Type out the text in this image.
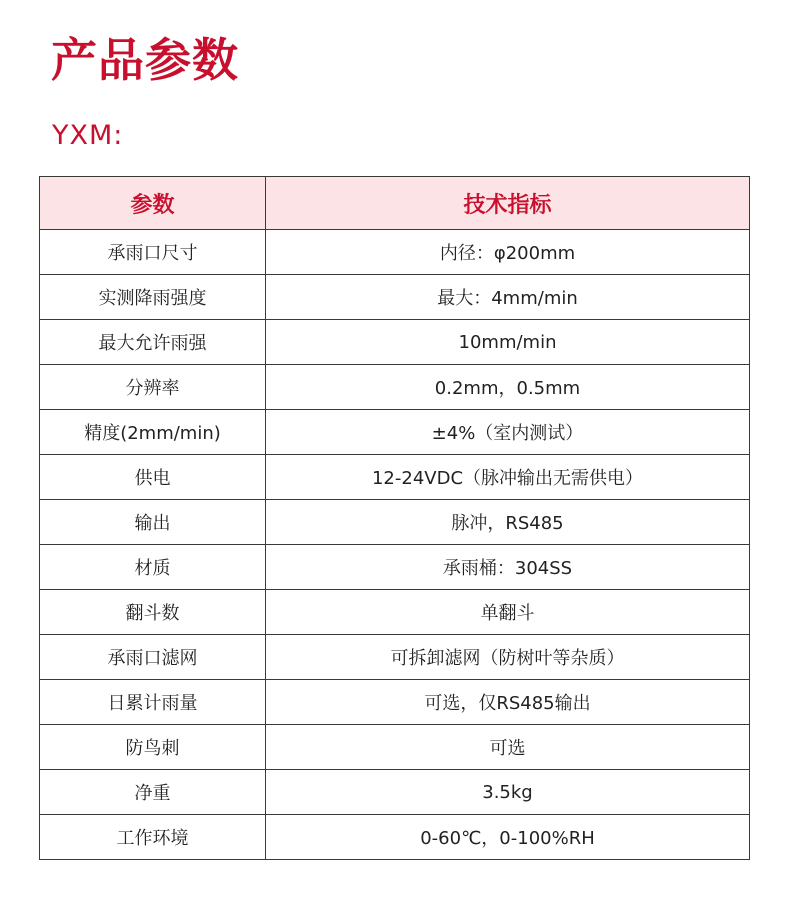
产品参数
YXM:
参数	技术指标
承雨口尺寸	内径：φ200mm
实测降雨强度	最大：4mm/min
最大允许雨强	10mm/min
分辨率	0.2mm，0.5mm
精度(2mm/min)	±4%（室内测试）
供电	12-24VDC（脉冲输出无需供电）
输出	脉冲，RS485
材质	承雨桶：304SS
翻斗数	单翻斗
承雨口滤网	可拆卸滤网（防树叶等杂质）
日累计雨量	可选，仅RS485输出
防鸟刺	可选
净重	3.5kg
工作环境	0-60℃，0-100%RH
